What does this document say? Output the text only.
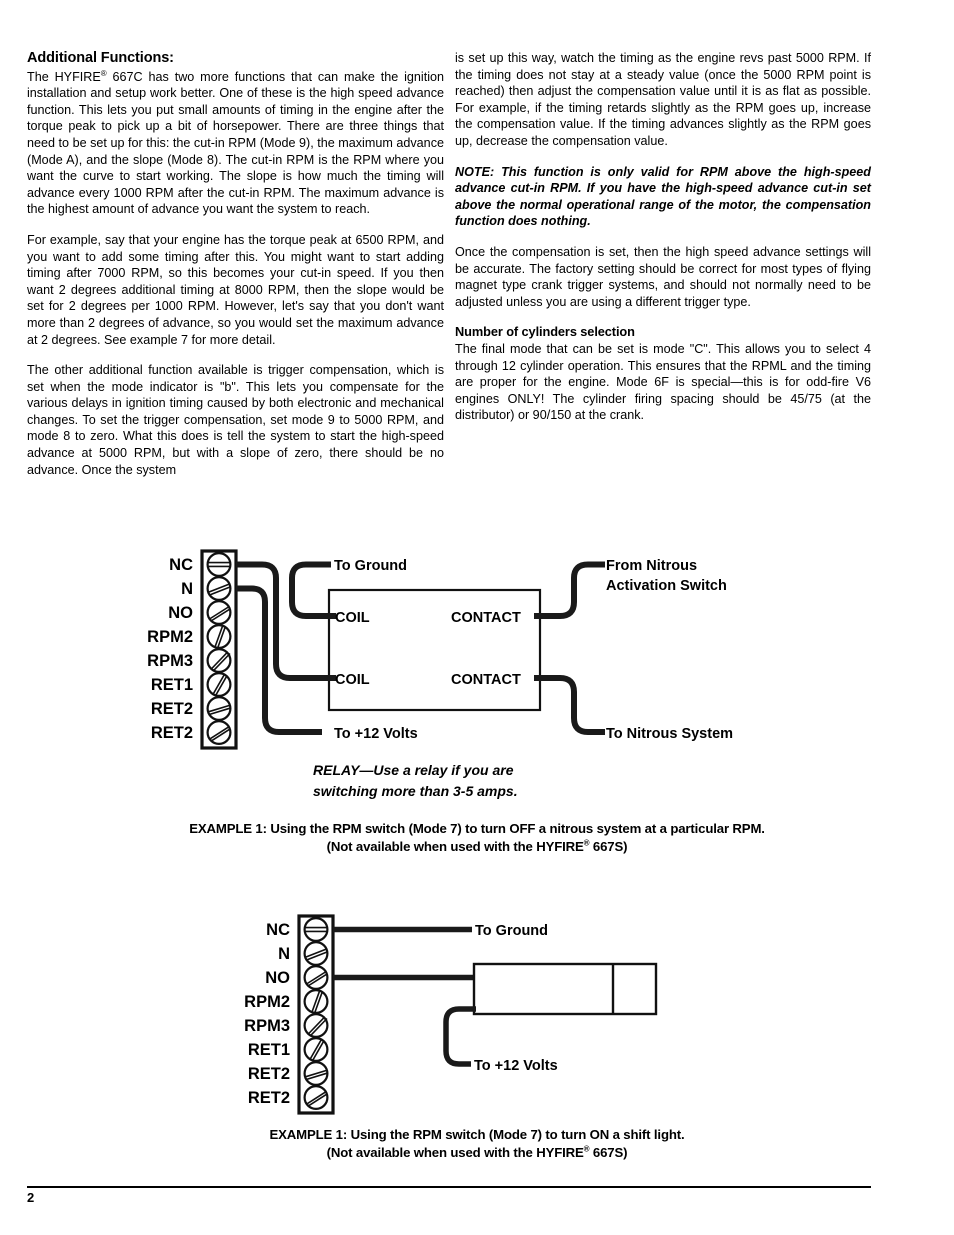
Additional Functions:

The HYFIRE® 667C has two more functions that can make the ignition installation and setup work better. One of these is the high speed advance function. This lets you put small amounts of timing in the engine after the torque peak to pick up a bit of horsepower. There are three things that need to be set up for this: the cut-in RPM (Mode 9), the maximum advance (Mode A), and the slope (Mode 8). The cut-in RPM is the RPM where you want the curve to start working. The slope is how much the timing will advance every 1000 RPM after the cut-in RPM. The maximum advance is the highest amount of advance you want the system to reach.

For example, say that your engine has the torque peak at 6500 RPM, and you want to add some timing after this. You might want to start adding timing after 7000 RPM, so this becomes your cut-in speed. If you then want 2 degrees additional timing at 8000 RPM, then the slope would be set for 2 degrees per 1000 RPM. However, let's say that you don't want more than 2 degrees of advance, so you would set the maximum advance at 2 degrees. See example 7 for more detail.

The other additional function available is trigger compensation, which is set when the mode indicator is "b". This lets you compensate for the various delays in ignition timing caused by both electronic and mechanical changes. To set the trigger compensation, set mode 9 to 5000 RPM, and mode 8 to zero. What this does is tell the system to start the high-speed advance at 5000 RPM, but with a slope of zero, there should be no advance. Once the system

is set up this way, watch the timing as the engine revs past 5000 RPM. If the timing does not stay at a steady value (once the 5000 RPM point is reached) then adjust the compensation value until it is as flat as possible. For example, if the timing retards slightly as the RPM goes up, increase the compensation value. If the timing advances slightly as the RPM goes up, decrease the compensation value.

NOTE: This function is only valid for RPM above the high-speed advance cut-in RPM. If you have the high-speed advance cut-in set above the normal operational range of the motor, the compensation function does nothing.

Once the compensation is set, then the high speed advance settings will be accurate. The factory setting should be correct for most types of flying magnet type crank trigger systems, and should not normally need to be adjusted unless you are using a different trigger type.

Number of cylinders selection

The final mode that can be set is mode "C". This allows you to select 4 through 12 cylinder operation. This ensures that the RPML and the timing are proper for the engine. Mode 6F is special—this is for odd-fire V6 engines ONLY! The cylinder firing spacing should be 45/75 (at the distributor) or 90/150 at the crank.

NC
N
NO
RPM2
RPM3
RET1
RET2
RET2
COIL
COIL
CONTACT
CONTACT
To Ground
To +12 Volts
From Nitrous
Activation Switch
To Nitrous System
RELAY—Use a relay if you are
switching more than 3-5 amps.
EXAMPLE 1: Using the RPM switch (Mode 7) to turn OFF a nitrous system at a particular RPM.
(Not available when used with the HYFIRE® 667S)
NC
N
NO
RPM2
RPM3
RET1
RET2
RET2
To Ground
To +12 Volts
EXAMPLE 1: Using the RPM switch (Mode 7) to turn ON a shift light.
(Not available when used with the HYFIRE® 667S)
2
